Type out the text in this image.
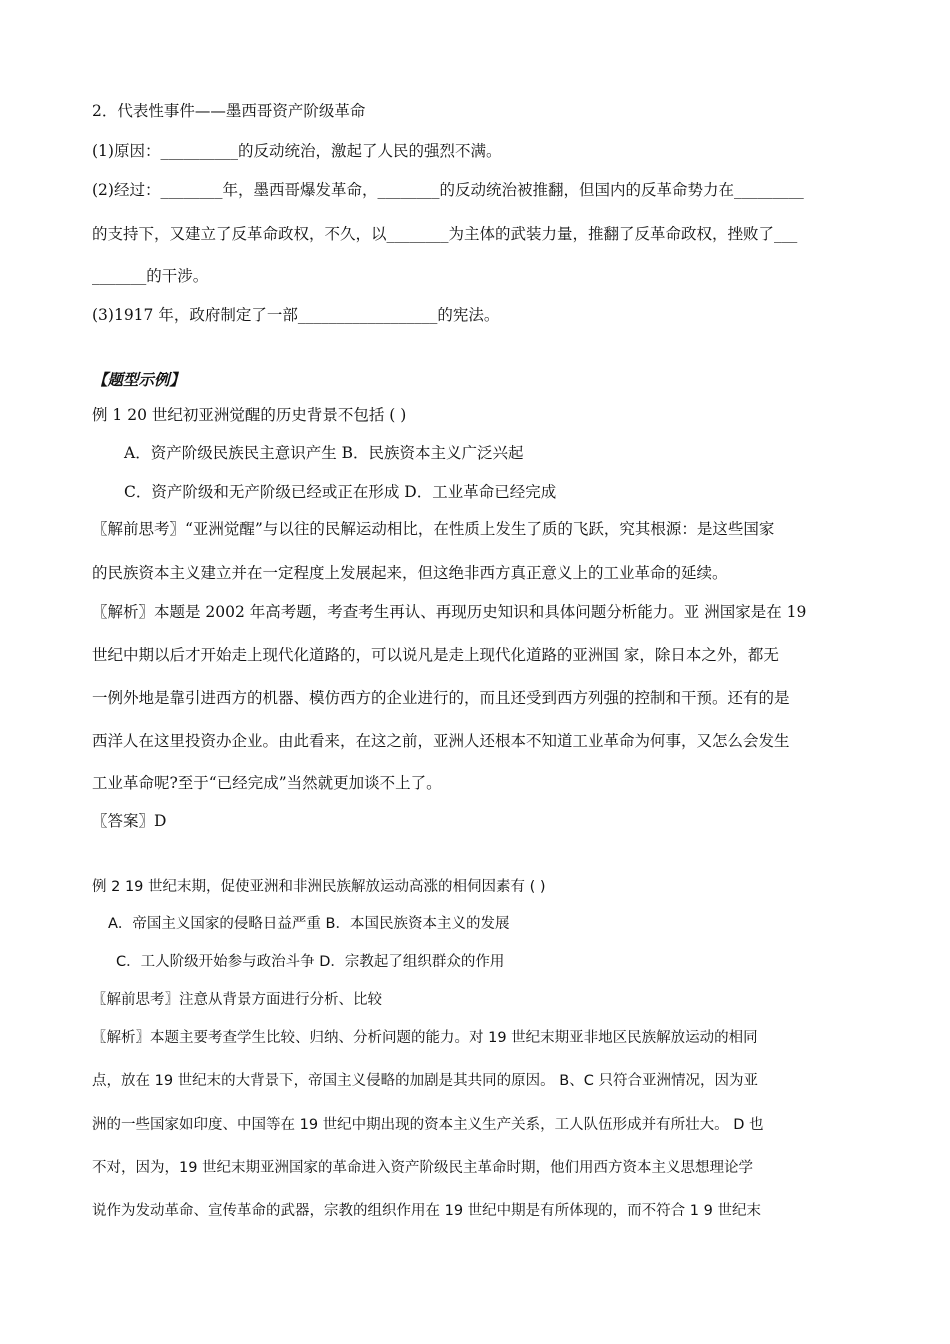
2．代表性事件——墨西哥资产阶级革命
(1)原因：__________的反动统治，激起了人民的强烈不满。
(2)经过：________年，墨西哥爆发革命，________的反动统治被推翻，但国内的反革命势力在_________
的支持下，又建立了反革命政权，不久，以________为主体的武装力量，推翻了反革命政权，挫败了___
_______的干涉。
(3)1917 年，政府制定了一部__________________的宪法。
【题型示例】
例 1 20 世纪初亚洲觉醒的历史背景不包括 ( )
A．资产阶级民族民主意识产生 B．民族资本主义广泛兴起
C．资产阶级和无产阶级已经或正在形成 D．工业革命已经完成
〖解前思考〗“亚洲觉醒”与以往的民解运动相比，在性质上发生了质的飞跃，究其根源：是这些国家
的民族资本主义建立并在一定程度上发展起来，但这绝非西方真正意义上的工业革命的延续。
〖解析〗本题是 2002 年高考题，考查考生再认、再现历史知识和具体问题分析能力。亚 洲国家是在 19
世纪中期以后才开始走上现代化道路的，可以说凡是走上现代化道路的亚洲国 家，除日本之外，都无
一例外地是靠引进西方的机器、模仿西方的企业进行的，而且还受到西方列强的控制和干预。还有的是
西洋人在这里投资办企业。由此看来，在这之前，亚洲人还根本不知道工业革命为何事，又怎么会发生
工业革命呢?至于“已经完成”当然就更加谈不上了。
〖答案〗D
例 2 19 世纪末期，促使亚洲和非洲民族解放运动高涨的相伺因素有 ( )
A．帝国主义国家的侵略日益严重 B．本国民族资本主义的发展
C．工人阶级开始参与政治斗争 D．宗教起了组织群众的作用
〖解前思考〗注意从背景方面进行分析、比较
〖解析〗本题主要考查学生比较、归纳、分析问题的能力。对 19 世纪末期亚非地区民族解放运动的相同
点，放在 19 世纪末的大背景下，帝国主义侵略的加剧是其共同的原因。 B、C 只符合亚洲情况，因为亚
洲的一些国家如印度、中国等在 19 世纪中期出现的资本主义生产关系，工人队伍形成并有所壮大。 D 也
不对，因为，19 世纪末期亚洲国家的革命进入资产阶级民主革命时期，他们用西方资本主义思想理论学
说作为发动革命、宣传革命的武器，宗教的组织作用在 19 世纪中期是有所体现的，而不符合 1 9 世纪末
